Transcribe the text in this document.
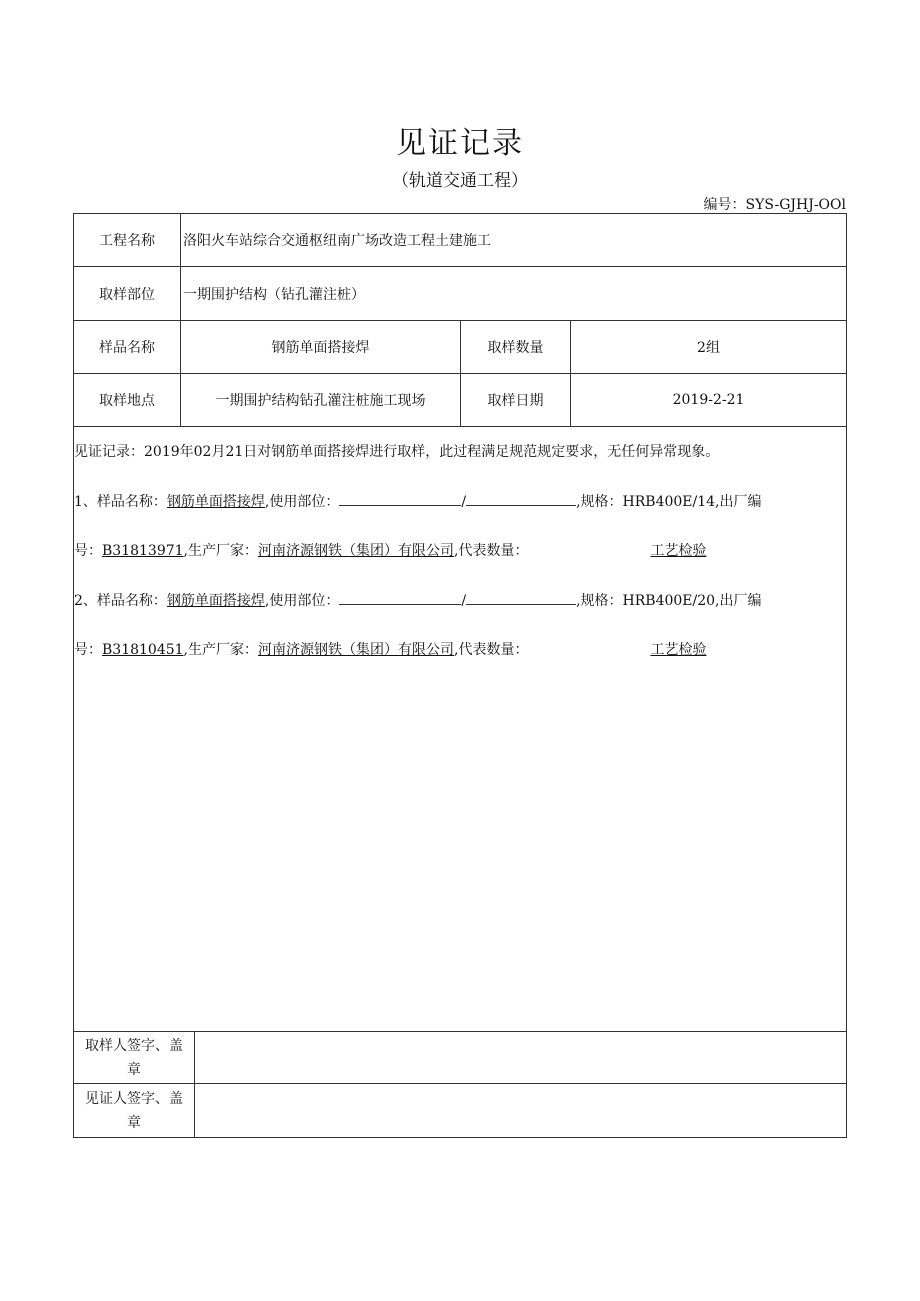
见证记录
（轨道交通工程）
编号：SYS-GJHJ-OOl
工程名称	洛阳火车站综合交通枢纽南广场改造工程土建施工		
取样部位	一期围护结构（钻孔灌注桩）		
样品名称	钢筋单面搭接焊	取样数量	2组
取样地点	一期围护结构钻孔灌注桩施工现场	取样日期	2019-2-21

见证记录：2019年02月21日对钢筋单面搭接焊进行取样，此过程满足规范规定要求，无任何异常现象。

1、样品名称：钢筋单面搭接焊,使用部位： / ,规格：HRB400E/14,出厂编

号：B31813971,生产厂家：河南济源钢铁（集团）有限公司,代表数量： 工艺检验

2、样品名称：钢筋单面搭接焊,使用部位： / ,规格：HRB400E/20,出厂编

号：B31810451,生产厂家：河南济源钢铁（集团）有限公司,代表数量： 工艺检验			

取样人签字、盖
章	

见证人签字、盖
章	
